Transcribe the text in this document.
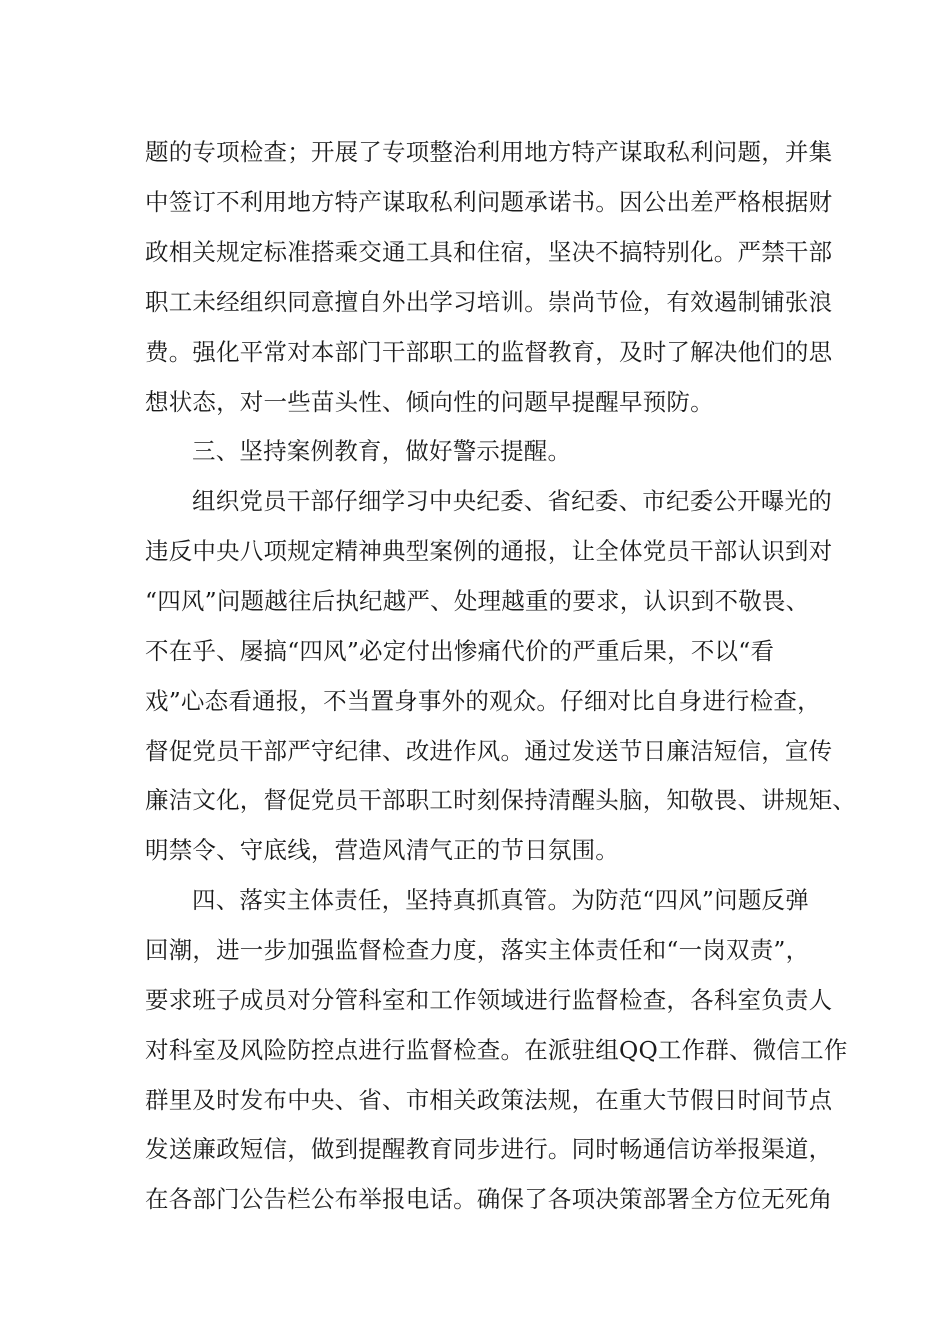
题的专项检查；开展了专项整治利用地方特产谋取私利问题，并集
中签订不利用地方特产谋取私利问题承诺书。因公出差严格根据财
政相关规定标准搭乘交通工具和住宿，坚决不搞特别化。严禁干部
职工未经组织同意擅自外出学习培训。崇尚节俭，有效遏制铺张浪
费。强化平常对本部门干部职工的监督教育，及时了解决他们的思
想状态，对一些苗头性、倾向性的问题早提醒早预防。
三、坚持案例教育，做好警示提醒。
组织党员干部仔细学习中央纪委、省纪委、市纪委公开曝光的
违反中央八项规定精神典型案例的通报，让全体党员干部认识到对
“四风”问题越往后执纪越严、处理越重的要求，认识到不敬畏、
不在乎、屡搞“四风”必定付出惨痛代价的严重后果，不以“看
戏”心态看通报，不当置身事外的观众。仔细对比自身进行检查，
督促党员干部严守纪律、改进作风。通过发送节日廉洁短信，宣传
廉洁文化，督促党员干部职工时刻保持清醒头脑，知敬畏、讲规矩、
明禁令、守底线，营造风清气正的节日氛围。
四、落实主体责任，坚持真抓真管。为防范“四风”问题反弹
回潮，进一步加强监督检查力度，落实主体责任和“一岗双责”，
要求班子成员对分管科室和工作领域进行监督检查，各科室负责人
对科室及风险防控点进行监督检查。在派驻组QQ工作群、微信工作
群里及时发布中央、省、市相关政策法规，在重大节假日时间节点
发送廉政短信，做到提醒教育同步进行。同时畅通信访举报渠道，
在各部门公告栏公布举报电话。确保了各项决策部署全方位无死角
